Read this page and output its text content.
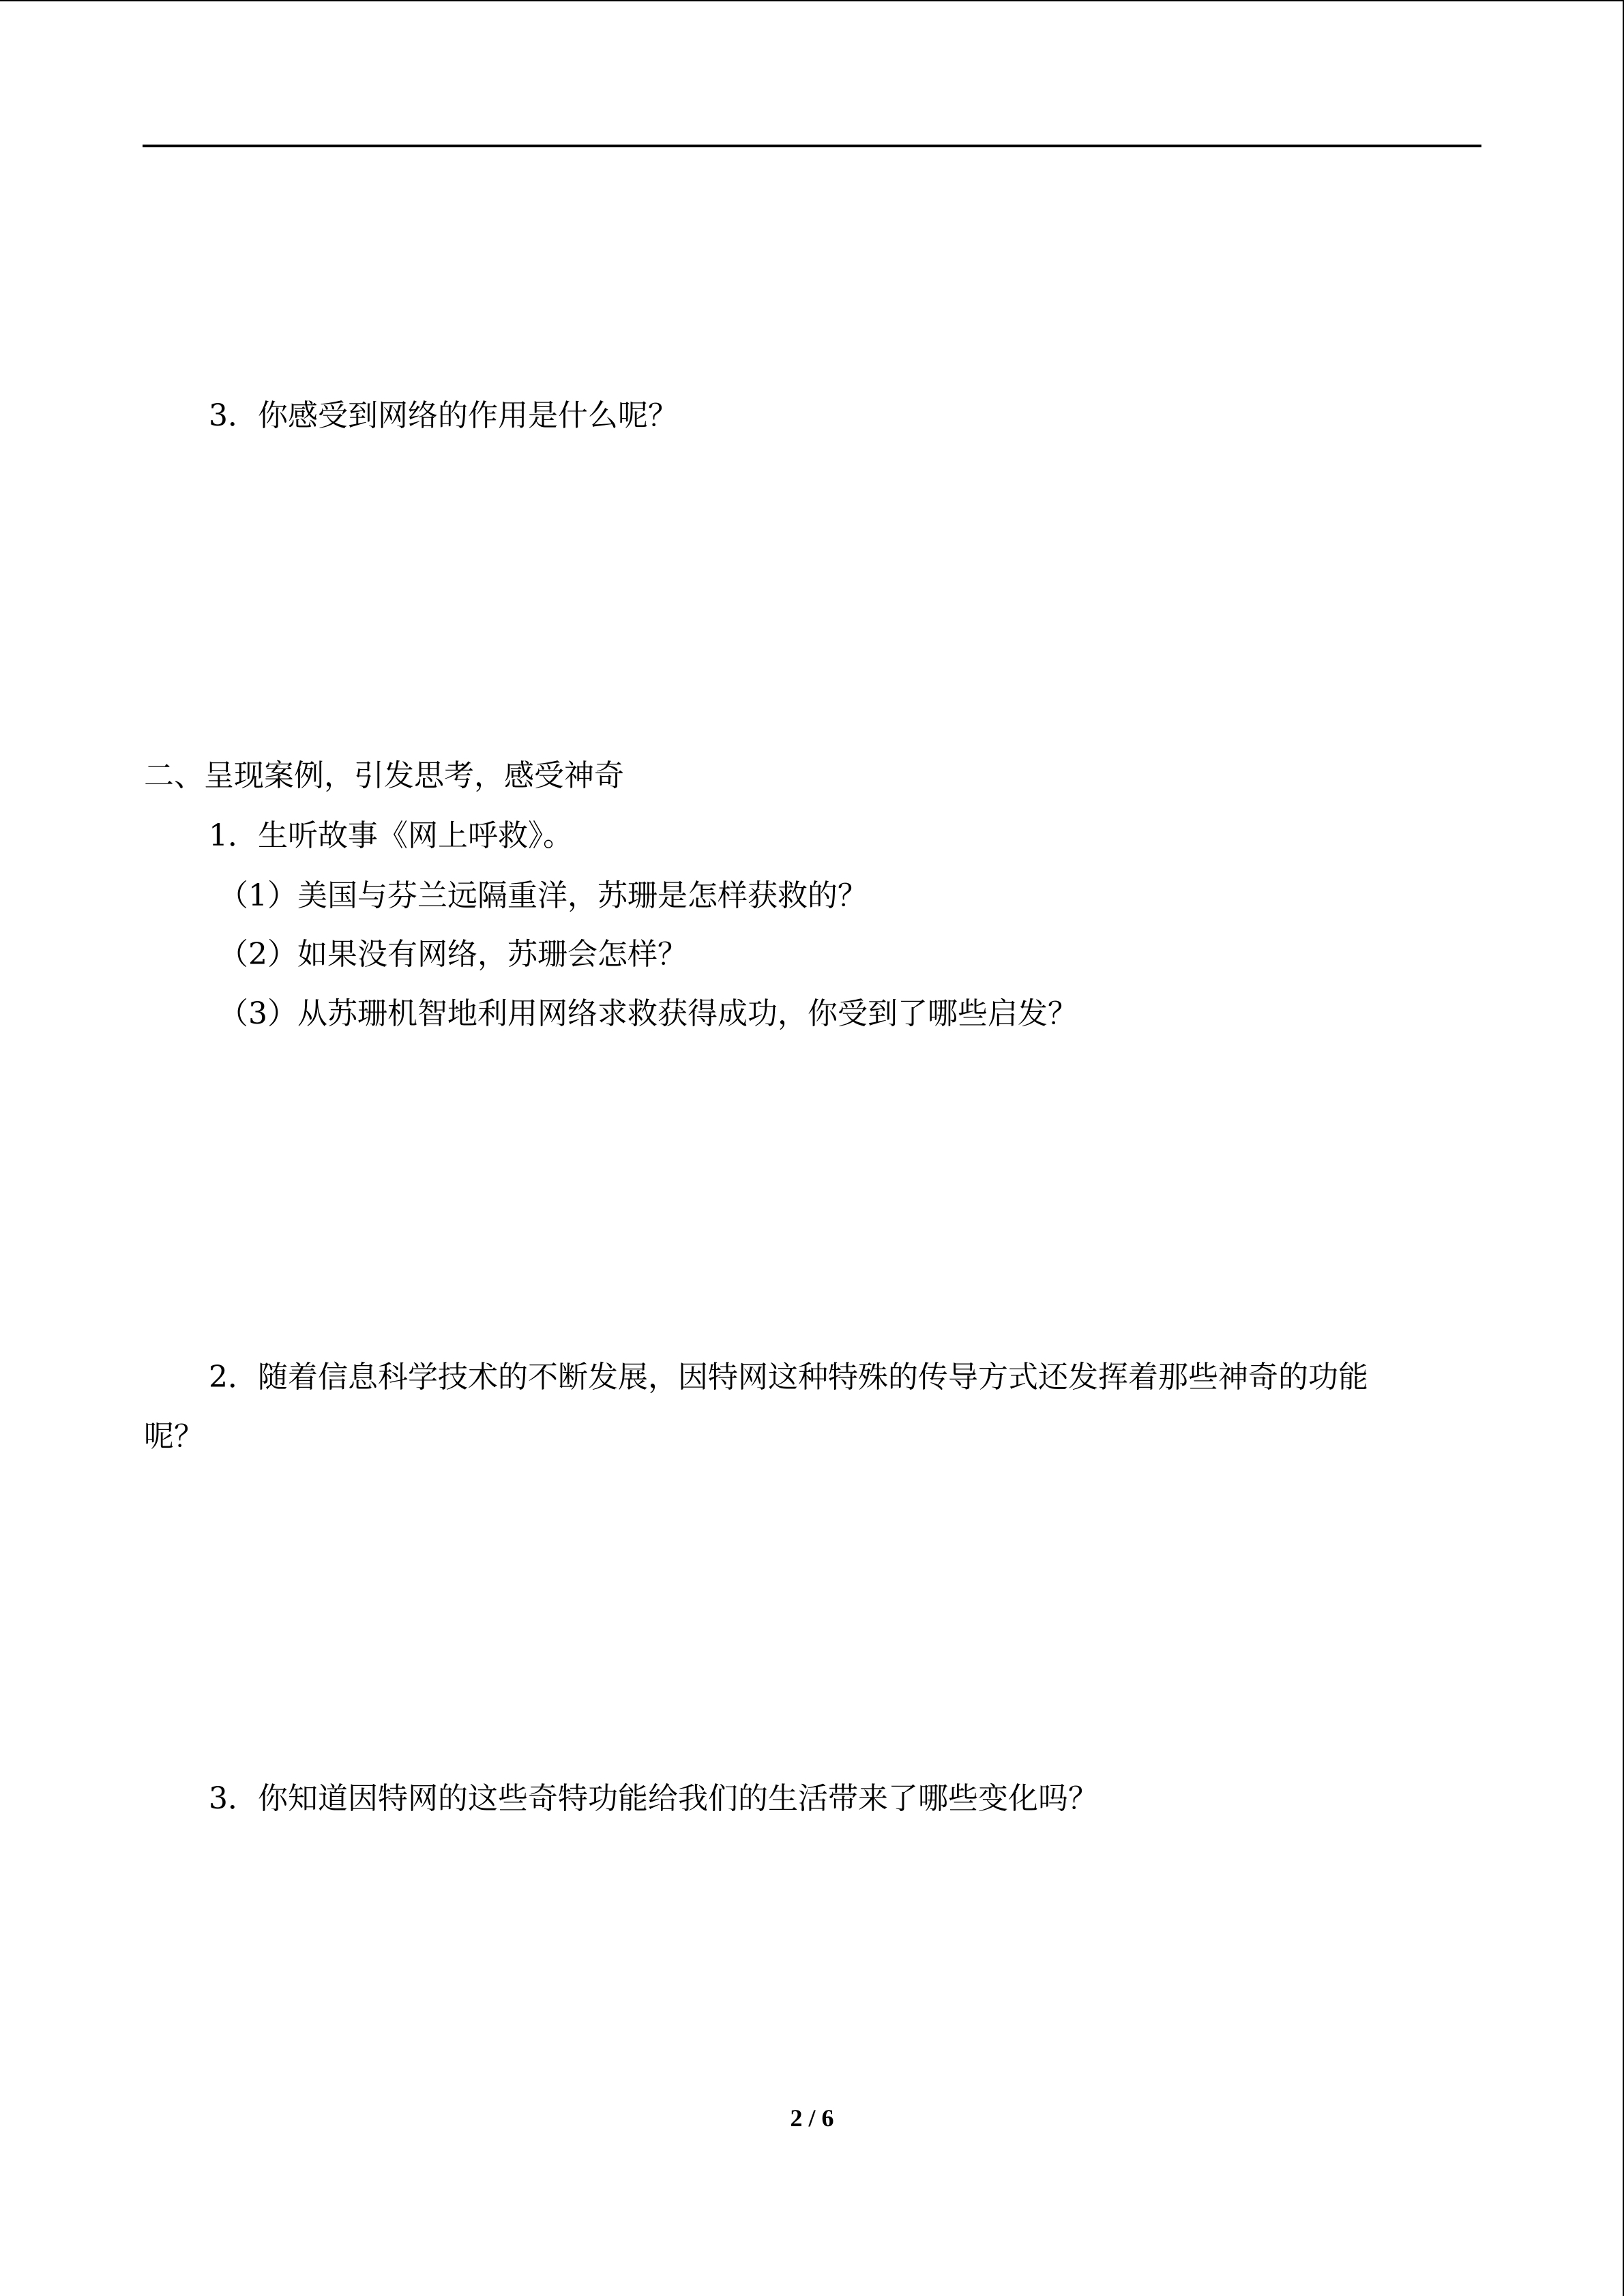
3．你感受到网络的作用是什么呢？
二、呈现案例，引发思考，感受神奇
1．生听故事《网上呼救》。
（1）美国与芬兰远隔重洋，苏珊是怎样获救的？
（2）如果没有网络，苏珊会怎样？
（3）从苏珊机智地利用网络求救获得成功，你受到了哪些启发？
2．随着信息科学技术的不断发展，因特网这种特殊的传导方式还发挥着那些神奇的功能
呢？
3．你知道因特网的这些奇特功能给我们的生活带来了哪些变化吗？
2 / 6
